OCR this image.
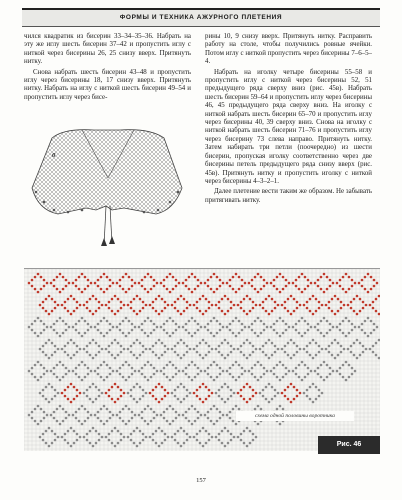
ФОРМЫ И ТЕХНИКА АЖУРНОГО ПЛЕТЕНИЯ

чился квадратик из бисерин 33–34–35–36. Набрать на эту же иглу шесть бисерин 37–42 и пропустить иглу с ниткой через бисерины 26, 25 снизу вверх. Притянуть нитку.

Снова набрать шесть бисерин 43–48 и пропустить иглу через бисерины 18, 17 снизу вверх. Притянуть нитку. Набрать на иглу с ниткой шесть бисерин 49–54 и пропустить иглу через бисе-

в

рины 10, 9 снизу вверх. Притянуть нитку. Расправить работу на столе, чтобы получились ровные ячейки. Потом иглу с ниткой пропустить через бисерины 7–6–5–4.

Набрать на иголку четыре бисерины 55–58 и пропустить иглу с ниткой через бисерины 52, 51 предыдущего ряда сверху вниз (рис. 45в). Набрать шесть бисерин 59–64 и пропустить иглу через бисерины 46, 45 предыдущего ряда сверху вниз. На иголку с ниткой набрать шесть бисерин 65–70 и пропустить иглу через бисерины 40, 39 сверху вниз. Снова на иголку с ниткой набрать шесть бисерин 71–76 и пропустить иглу через бисерину 73 слева направо. Притянуть нитку. Затем набирать три петли (поочередно) из шести бисерин, пропуская иголку соответственно через две бисерины петель предыдущего ряда снизу вверх (рис. 45в). Притянуть нитку и пропустить иголку с ниткой через бисерины 4–3–2–1.

Далее плетение вести таким же образом. Не забывать притягивать нитку.

схема одной половины воротника
Рис. 46
157
